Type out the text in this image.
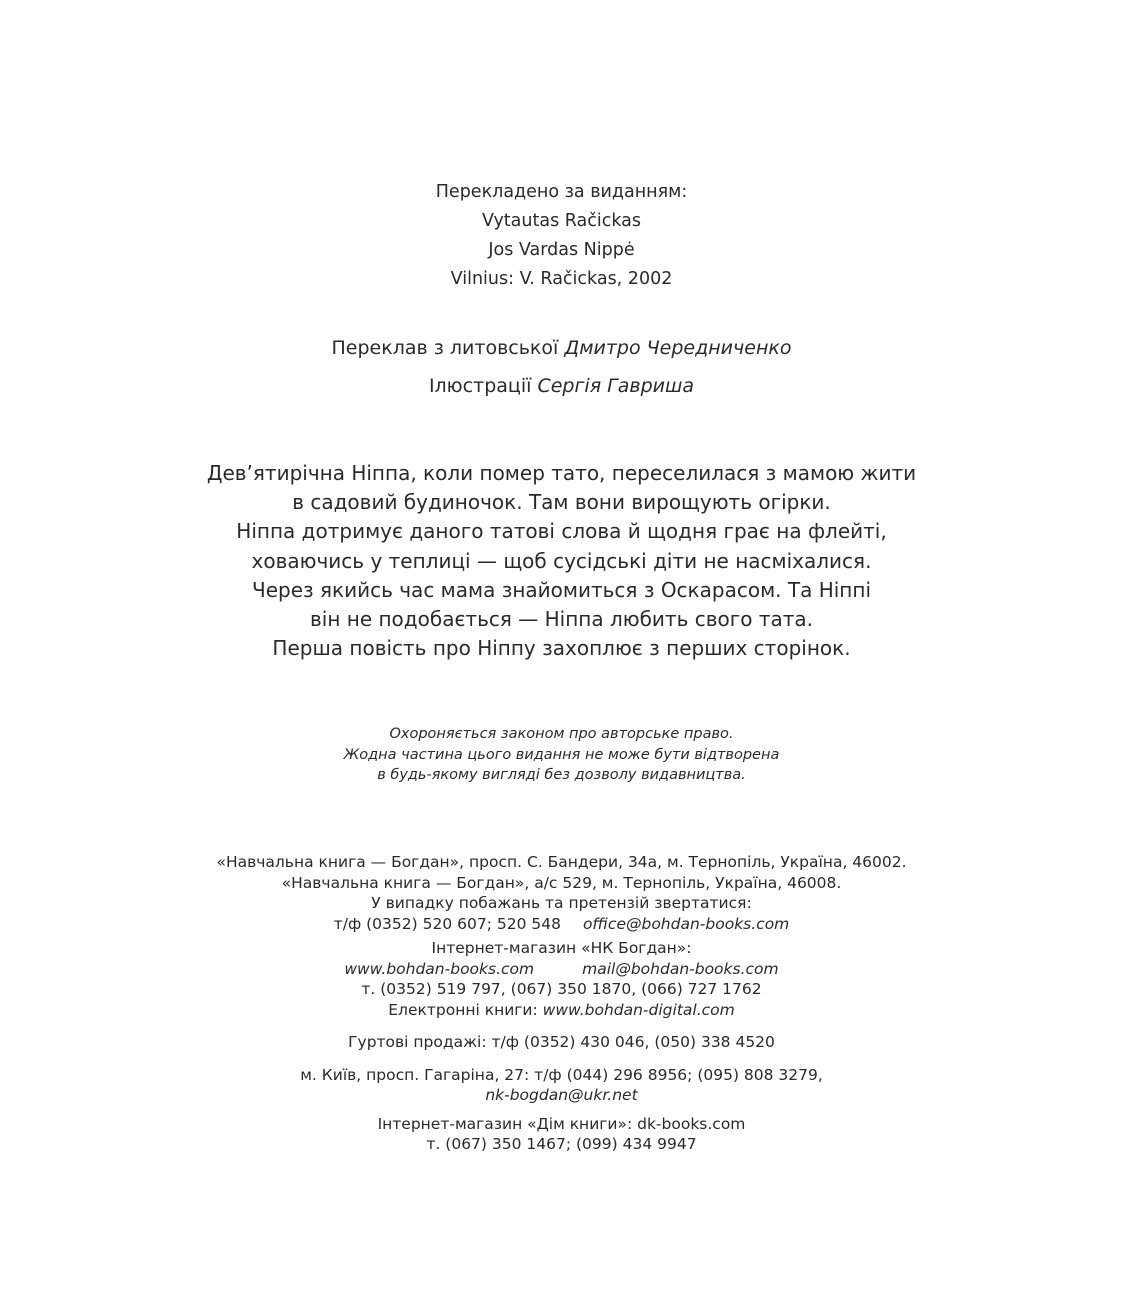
Перекладено за виданням:
Vytautas Račickas
Jos Vardas Nippė
Vilnius: V. Račickas, 2002
Переклав з литовської Дмитро Чередниченко
Ілюстрації Сергія Гавриша
Дев’ятирічна Ніппа, коли помер тато, переселилася з мамою жити
в садовий будиночок. Там вони вирощують огірки.
Ніппа дотримує даного татові слова й щодня грає на флейті,
ховаючись у теплиці — щоб сусідські діти не насміхалися.
Через якийсь час мама знайомиться з Оскарасом. Та Ніппі
він не подобається — Ніппа любить свого тата.
Перша повість про Ніппу захоплює з перших сторінок.
Охороняється законом про авторське право.
Жодна частина цього видання не може бути відтворена
в будь-якому вигляді без дозволу видавництва.
«Навчальна книга — Богдан», просп. С. Бандери, 34а, м. Тернопіль, Україна, 46002.
«Навчальна книга — Богдан», а/с 529, м. Тернопіль, Україна, 46008.
У випадку побажань та претензій звертатися:
т/ф (0352) 520 607; 520 548 office@bohdan-books.com
Інтернет-магазин «НК Богдан»:
www.bohdan-books.com	mail@bohdan-books.com
т. (0352) 519 797, (067) 350 1870, (066) 727 1762
Електронні книги: www.bohdan-digital.com
Гуртові продажі: т/ф (0352) 430 046, (050) 338 4520
м. Київ, просп. Гагаріна, 27: т/ф (044) 296 8956; (095) 808 3279,
nk-bogdan@ukr.net
Інтернет-магазин «Дім книги»: dk-books.com
т. (067) 350 1467; (099) 434 9947
